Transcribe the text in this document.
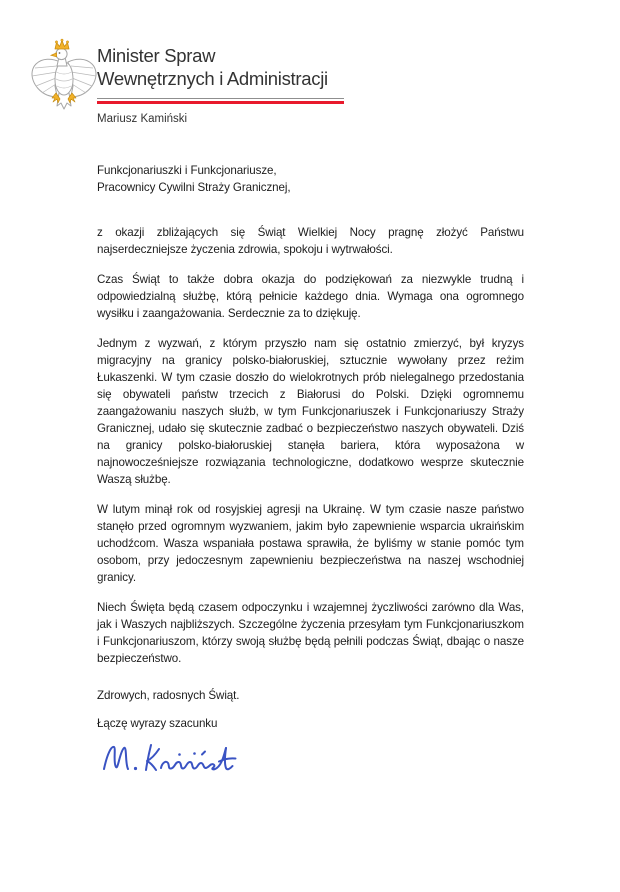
Minister Spraw
Wewnętrznych i Administracji
Mariusz Kamiński
Funkcjonariuszki i Funkcjonariusze,
Pracownicy Cywilni Straży Granicznej,

z okazji zbliżających się Świąt Wielkiej Nocy pragnę złożyć Państwu najserdeczniejsze życzenia zdrowia, spokoju i wytrwałości.

Czas Świąt to także dobra okazja do podziękowań za niezwykle trudną i odpowiedzialną służbę, którą pełnicie każdego dnia. Wymaga ona ogromnego wysiłku i zaangażowania. Serdecznie za to dziękuję.

Jednym z wyzwań, z którym przyszło nam się ostatnio zmierzyć, był kryzys migracyjny na granicy polsko-białoruskiej, sztucznie wywołany przez reżim Łukaszenki. W tym czasie doszło do wielokrotnych prób nielegalnego przedostania się obywateli państw trzecich z Białorusi do Polski. Dzięki ogromnemu zaangażowaniu naszych służb, w tym Funkcjonariuszek i Funkcjonariuszy Straży Granicznej, udało się skutecznie zadbać o bezpieczeństwo naszych obywateli. Dziś na granicy polsko-białoruskiej stanęła bariera, która wyposażona w najnowocześniejsze rozwiązania technologiczne, dodatkowo wesprze skutecznie Waszą służbę.

W lutym minął rok od rosyjskiej agresji na Ukrainę. W tym czasie nasze państwo stanęło przed ogromnym wyzwaniem, jakim było zapewnienie wsparcia ukraińskim uchodźcom. Wasza wspaniała postawa sprawiła, że byliśmy w stanie pomóc tym osobom, przy jedoczesnym zapewnieniu bezpieczeństwa na naszej wschodniej granicy.

Niech Święta będą czasem odpoczynku i wzajemnej życzliwości zarówno dla Was, jak i Waszych najbliższych. Szczególne życzenia przesyłam tym Funkcjonariuszkom i Funkcjonariuszom, którzy swoją służbę będą pełnili podczas Świąt, dbając o nasze bezpieczeństwo.

Zdrowych, radosnych Świąt.

Łączę wyrazy szacunku
